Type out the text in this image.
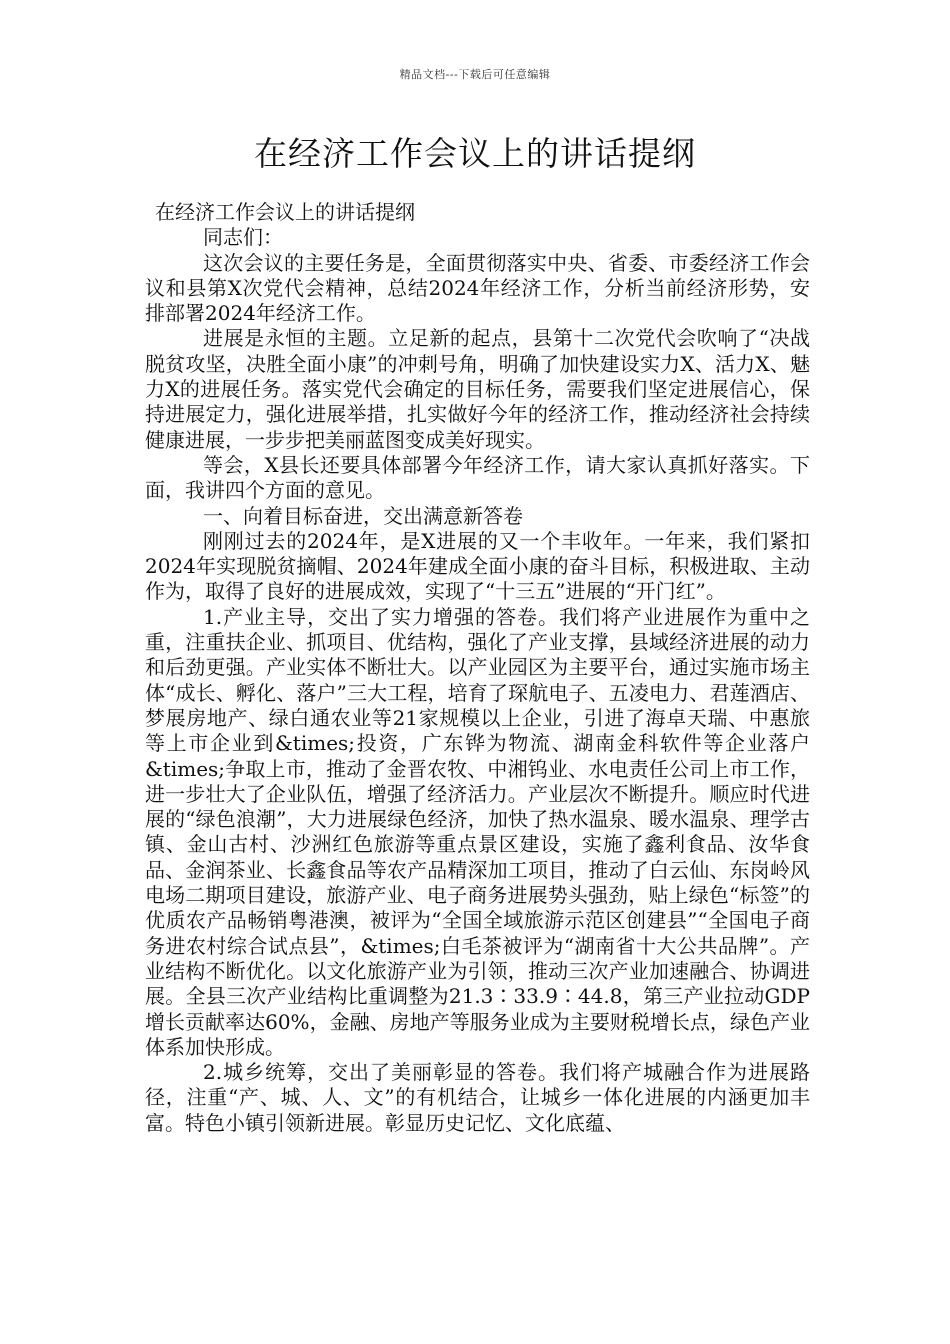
精品文档---下载后可任意编辑
在经济工作会议上的讲话提纲

在经济工作会议上的讲话提纲

同志们：

这次会议的主要任务是，全面贯彻落实中央、省委、市委经济工作会议和县第X次党代会精神，总结2024年经济工作，分析当前经济形势，安排部署2024年经济工作。

进展是永恒的主题。立足新的起点，县第十二次党代会吹响了“决战脱贫攻坚，决胜全面小康”的冲刺号角，明确了加快建设实力X、活力X、魅力X的进展任务。落实党代会确定的目标任务，需要我们坚定进展信心，保持进展定力，强化进展举措，扎实做好今年的经济工作，推动经济社会持续健康进展，一步步把美丽蓝图变成美好现实。

等会，X县长还要具体部署今年经济工作，请大家认真抓好落实。下面，我讲四个方面的意见。

一、向着目标奋进，交出满意新答卷

刚刚过去的2024年，是X进展的又一个丰收年。一年来，我们紧扣2024年实现脱贫摘帽、2024年建成全面小康的奋斗目标，积极进取、主动作为，取得了良好的进展成效，实现了“十三五”进展的“开门红”。

1.产业主导，交出了实力增强的答卷。我们将产业进展作为重中之重，注重扶企业、抓项目、优结构，强化了产业支撑，县域经济进展的动力和后劲更强。产业实体不断壮大。以产业园区为主要平台，通过实施市场主体“成长、孵化、落户”三大工程，培育了琛航电子、五凌电力、君莲酒店、梦展房地产、绿白通农业等21家规模以上企业，引进了海卓天瑞、中惠旅等上市企业到&times;投资，广东铧为物流、湖南金科软件等企业落户&times;争取上市，推动了金晋农牧、中湘钨业、水电责任公司上市工作，进一步壮大了企业队伍，增强了经济活力。产业层次不断提升。顺应时代进展的“绿色浪潮”，大力进展绿色经济，加快了热水温泉、暖水温泉、理学古镇、金山古村、沙洲红色旅游等重点景区建设，实施了鑫利食品、汝华食品、金润茶业、长鑫食品等农产品精深加工项目，推动了白云仙、东岗岭风电场二期项目建设，旅游产业、电子商务进展势头强劲，贴上绿色“标签”的优质农产品畅销粤港澳，被评为“全国全域旅游示范区创建县”“全国电子商务进农村综合试点县”，&times;白毛茶被评为“湖南省十大公共品牌”。产业结构不断优化。以文化旅游产业为引领，推动三次产业加速融合、协调进展。全县三次产业结构比重调整为21.3∶33.9∶44.8，第三产业拉动GDP增长贡献率达60%，金融、房地产等服务业成为主要财税增长点，绿色产业体系加快形成。

2.城乡统筹，交出了美丽彰显的答卷。我们将产城融合作为进展路径，注重“产、城、人、文”的有机结合，让城乡一体化进展的内涵更加丰富。特色小镇引领新进展。彰显历史记忆、文化底蕴、
